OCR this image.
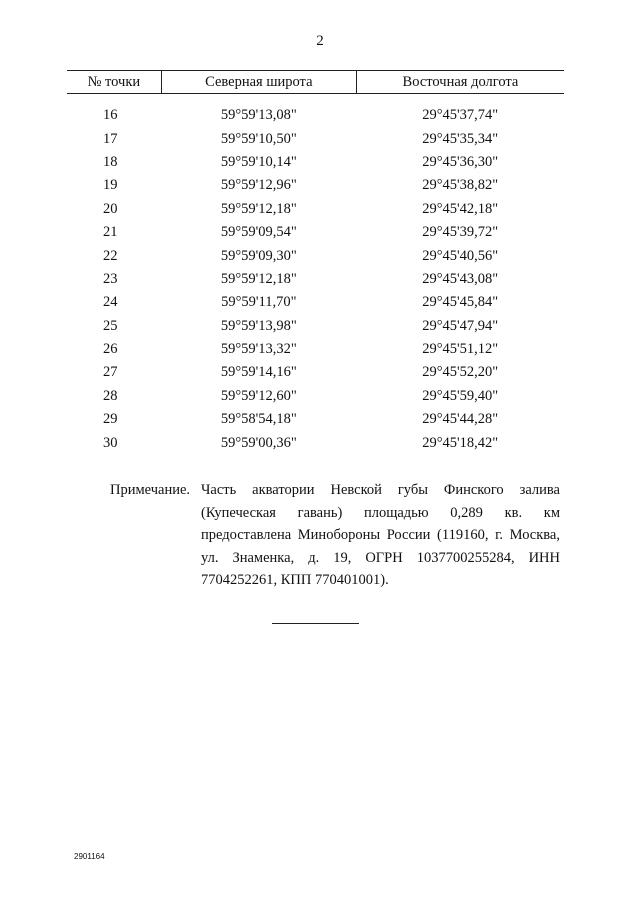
2
№ точки	Северная широта	Восточная долгота

16	59°59'13,08"	29°45'37,74"
17	59°59'10,50"	29°45'35,34"
18	59°59'10,14"	29°45'36,30"
19	59°59'12,96"	29°45'38,82"
20	59°59'12,18"	29°45'42,18"
21	59°59'09,54"	29°45'39,72"
22	59°59'09,30"	29°45'40,56"
23	59°59'12,18"	29°45'43,08"
24	59°59'11,70"	29°45'45,84"
25	59°59'13,98"	29°45'47,94"
26	59°59'13,32"	29°45'51,12"
27	59°59'14,16"	29°45'52,20"
28	59°59'12,60"	29°45'59,40"
29	59°58'54,18"	29°45'44,28"
30	59°59'00,36"	29°45'18,42"
Примечание. Часть акватории Невской губы Финского залива (Купеческая гавань) площадью 0,289 кв. км предоставлена Минобороны России (119160, г. Москва, ул. Знаменка, д. 19, ОГРН 1037700255284, ИНН 7704252261, КПП 770401001).
2901164
